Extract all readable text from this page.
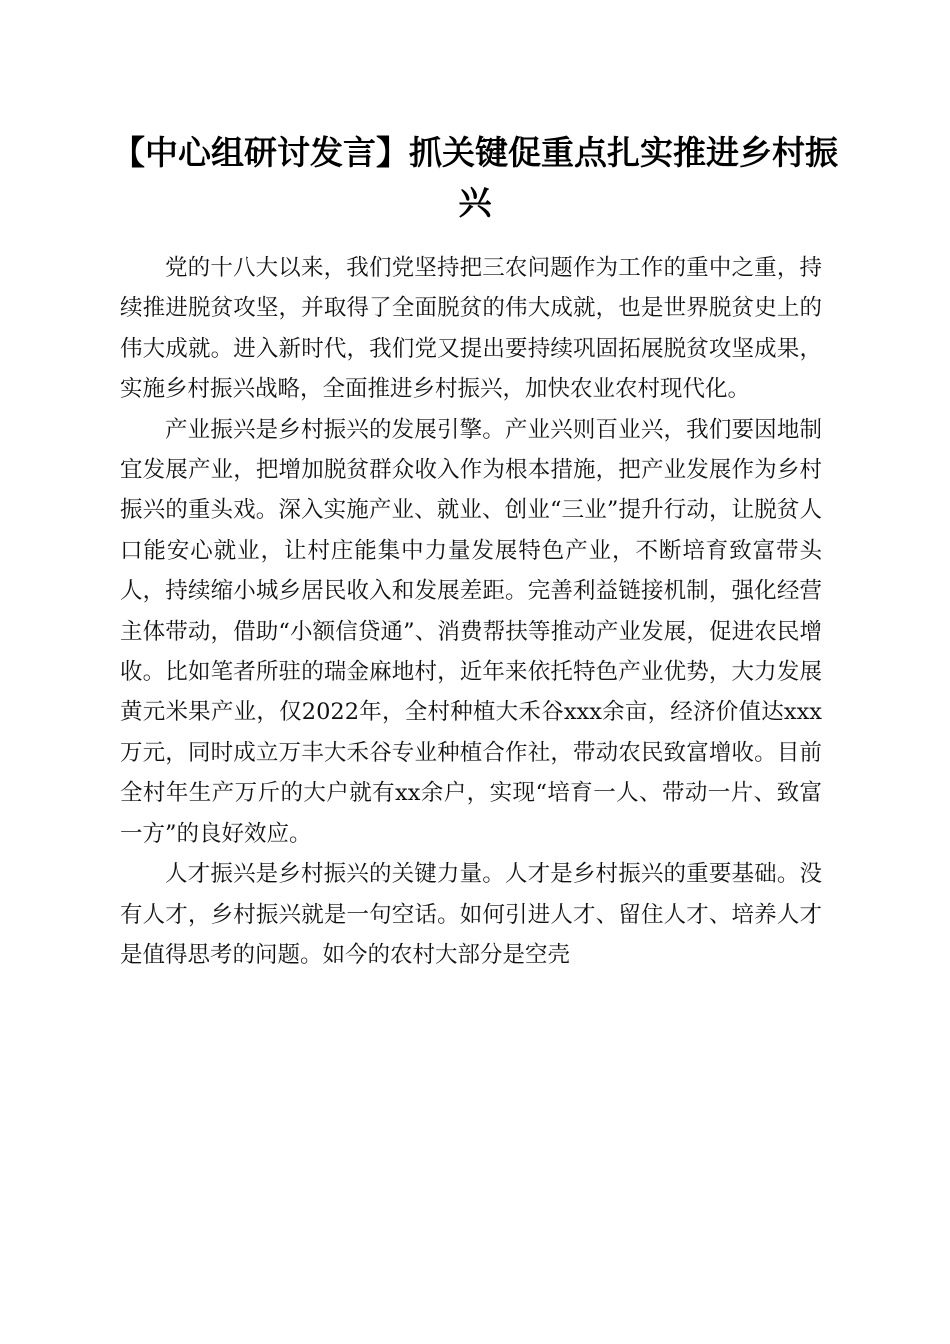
【中心组研讨发言】抓关键促重点扎实推进乡村振兴

党的十八大以来，我们党坚持把三农问题作为工作的重中之重，持续推进脱贫攻坚，并取得了全面脱贫的伟大成就，也是世界脱贫史上的伟大成就。进入新时代，我们党又提出要持续巩固拓展脱贫攻坚成果，实施乡村振兴战略，全面推进乡村振兴，加快农业农村现代化。

产业振兴是乡村振兴的发展引擎。产业兴则百业兴，我们要因地制宜发展产业，把增加脱贫群众收入作为根本措施，把产业发展作为乡村振兴的重头戏。深入实施产业、就业、创业“三业”提升行动，让脱贫人口能安心就业，让村庄能集中力量发展特色产业，不断培育致富带头人，持续缩小城乡居民收入和发展差距。完善利益链接机制，强化经营主体带动，借助“小额信贷通”、消费帮扶等推动产业发展，促进农民增收。比如笔者所驻的瑞金麻地村，近年来依托特色产业优势，大力发展黄元米果产业，仅2022年，全村种植大禾谷xxx余亩，经济价值达xxx万元，同时成立万丰大禾谷专业种植合作社，带动农民致富增收。目前全村年生产万斤的大户就有xx余户，实现“培育一人、带动一片、致富一方”的良好效应。

人才振兴是乡村振兴的关键力量。人才是乡村振兴的重要基础。没有人才，乡村振兴就是一句空话。如何引进人才、留住人才、培养人才是值得思考的问题。如今的农村大部分是空壳
